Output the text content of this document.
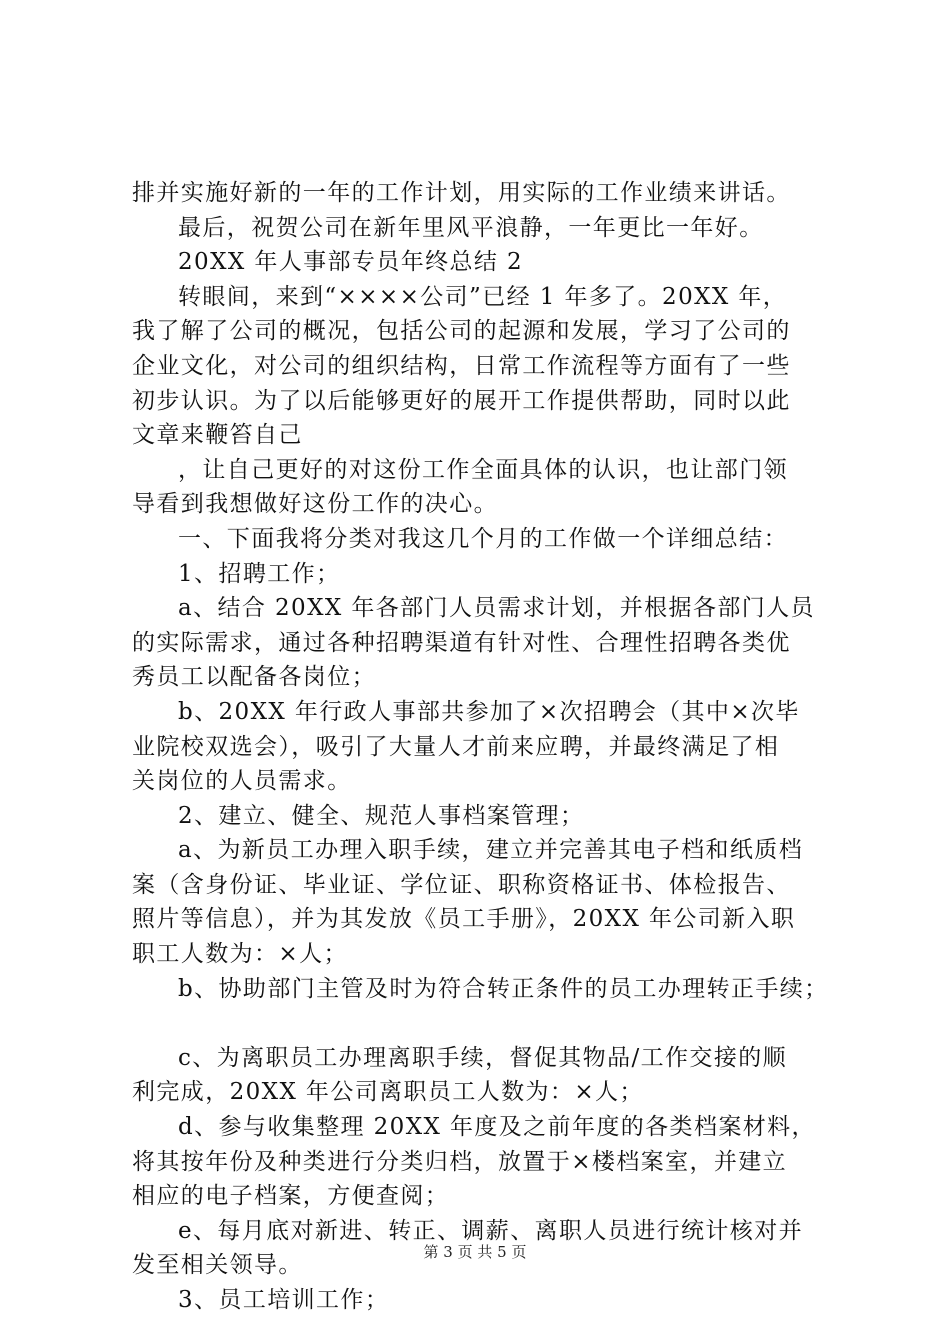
排并实施好新的一年的工作计划，用实际的工作业绩来讲话。
最后，祝贺公司在新年里风平浪静，一年更比一年好。
20XX 年人事部专员年终总结 2
转眼间，来到“××××公司”已经 1 年多了。20XX 年，
我了解了公司的概况，包括公司的起源和发展，学习了公司的
企业文化，对公司的组织结构，日常工作流程等方面有了一些
初步认识。为了以后能够更好的展开工作提供帮助，同时以此
文章来鞭笞自己
，让自己更好的对这份工作全面具体的认识，也让部门领
导看到我想做好这份工作的决心。
一、下面我将分类对我这几个月的工作做一个详细总结：
1、招聘工作；
a、结合 20XX 年各部门人员需求计划，并根据各部门人员
的实际需求，通过各种招聘渠道有针对性、合理性招聘各类优
秀员工以配备各岗位；
b、20XX 年行政人事部共参加了×次招聘会（其中×次毕
业院校双选会），吸引了大量人才前来应聘，并最终满足了相
关岗位的人员需求。
2、建立、健全、规范人事档案管理；
a、为新员工办理入职手续，建立并完善其电子档和纸质档
案（含身份证、毕业证、学位证、职称资格证书、体检报告、
照片等信息），并为其发放《员工手册》，20XX 年公司新入职
职工人数为：×人；
b、协助部门主管及时为符合转正条件的员工办理转正手续；
c、为离职员工办理离职手续，督促其物品/工作交接的顺
利完成，20XX 年公司离职员工人数为：×人；
d、参与收集整理 20XX 年度及之前年度的各类档案材料，
将其按年份及种类进行分类归档，放置于×楼档案室，并建立
相应的电子档案，方便查阅；
e、每月底对新进、转正、调薪、离职人员进行统计核对并
发至相关领导。
3、员工培训工作；
第 3 页 共 5 页
